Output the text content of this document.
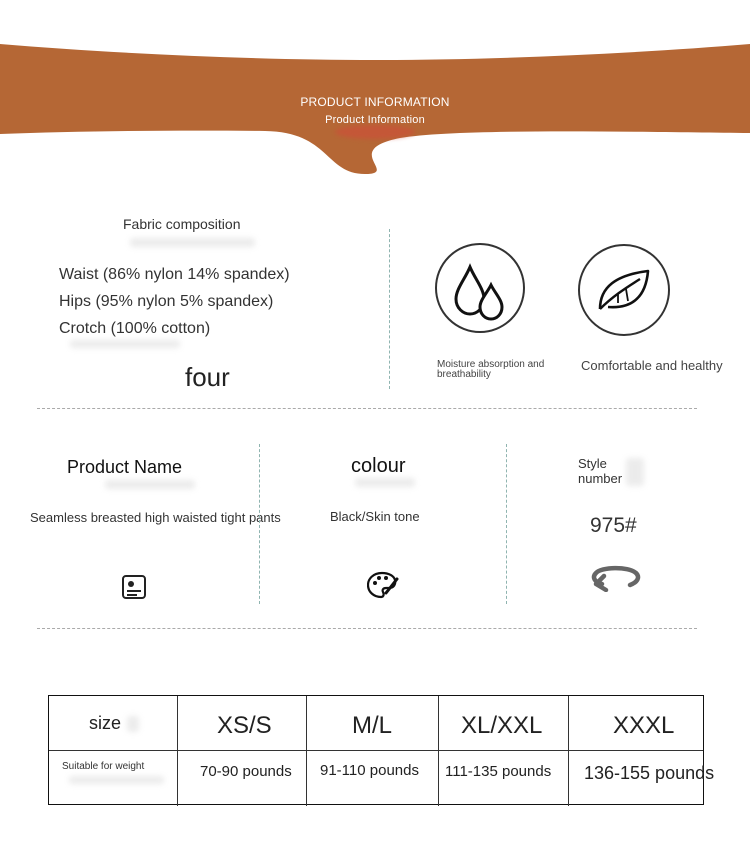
PRODUCT INFORMATION
Product Information
Fabric composition
Waist (86% nylon 14% spandex)
Hips (95% nylon 5% spandex)
Crotch (100% cotton)
four	Moisture absorption and breathability
Comfortable and healthy
Product Name
Seamless breasted high waisted tight pants
colour
Black/Skin tone
Style number
975#
size	XS/S	M/L	XL/XXL	XXXL
Suitable for weight	70-90 pounds 91-110 pounds 111-135 pounds 136-155 pounds
